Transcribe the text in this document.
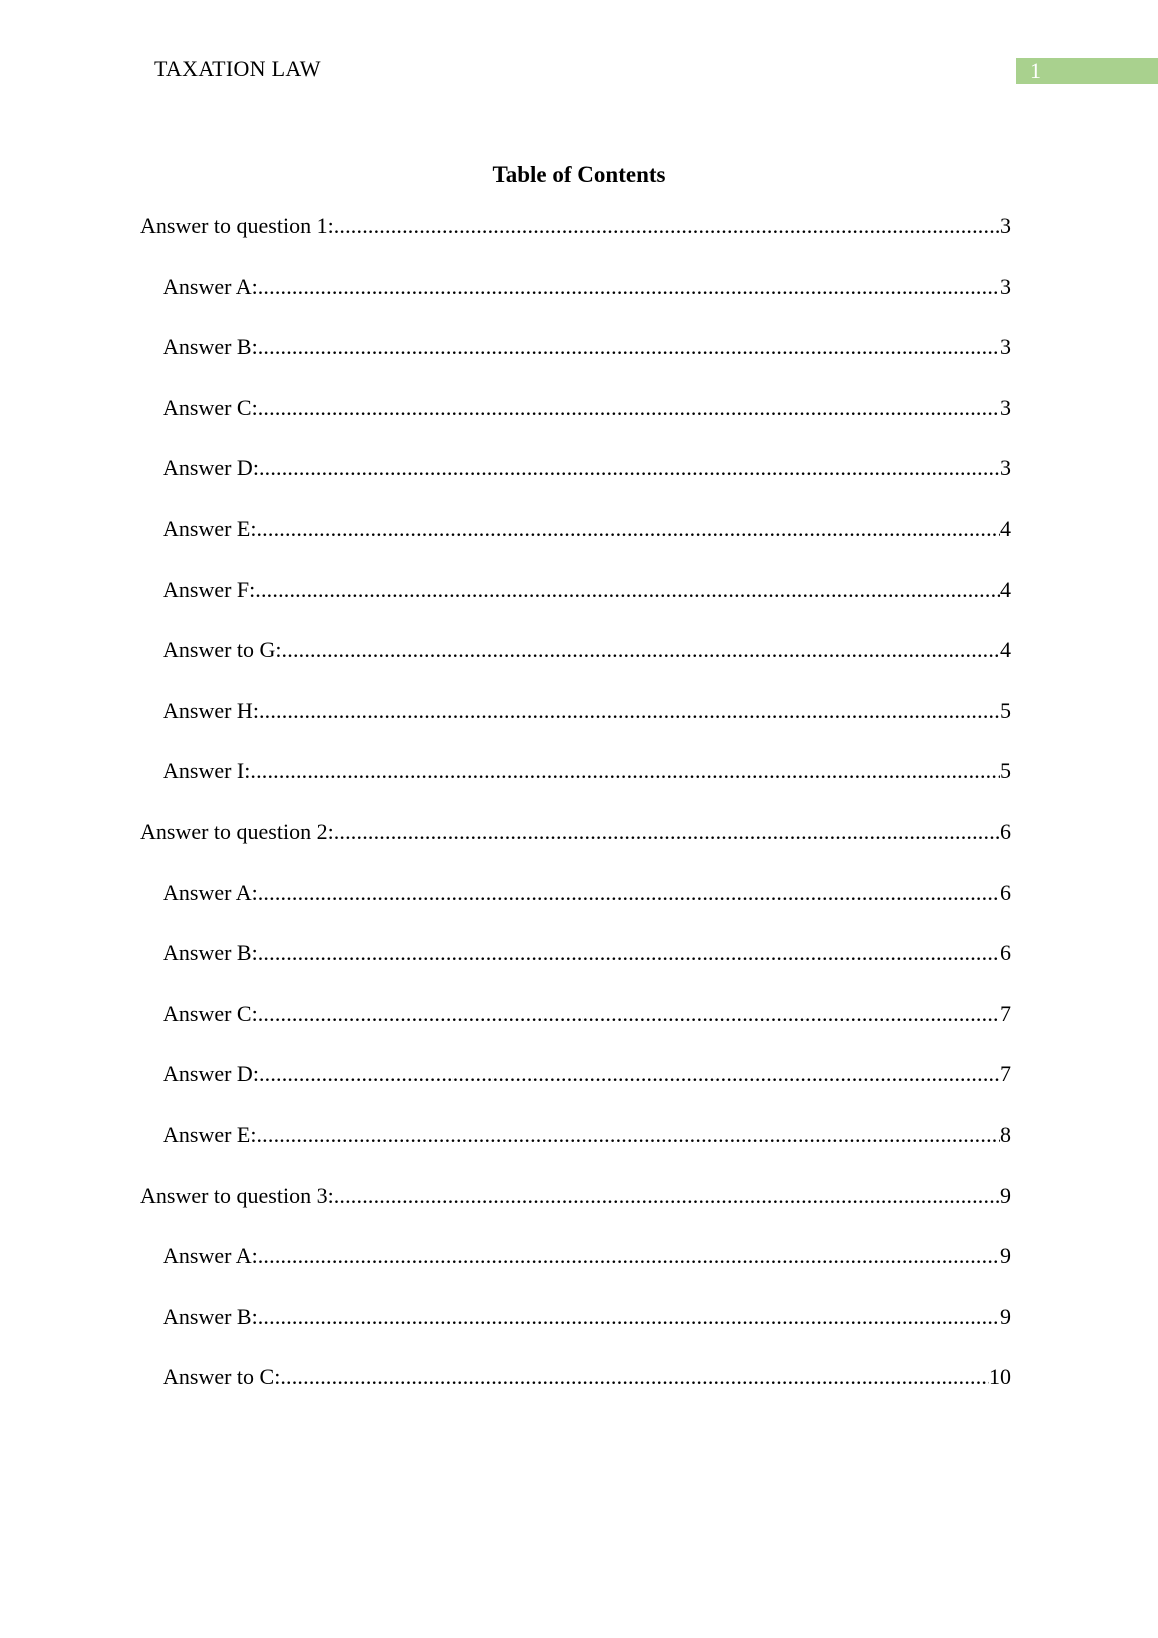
TAXATION LAW	1
Table of Contents
Answer to question 1: .....	3
Answer A: .....	3
Answer B: .....	3
Answer C: .....	3
Answer D: .....	3
Answer E: .....	4
Answer F: .....	4
Answer to G: .....	4
Answer H: .....	5
Answer I: .....	5
Answer to question 2: .....	6
Answer A: .....	6
Answer B: .....	6
Answer C: .....	7
Answer D: .....	7
Answer E: .....	8
Answer to question 3: .....	9
Answer A: .....	9
Answer B: .....	9
Answer to C: .....	10
